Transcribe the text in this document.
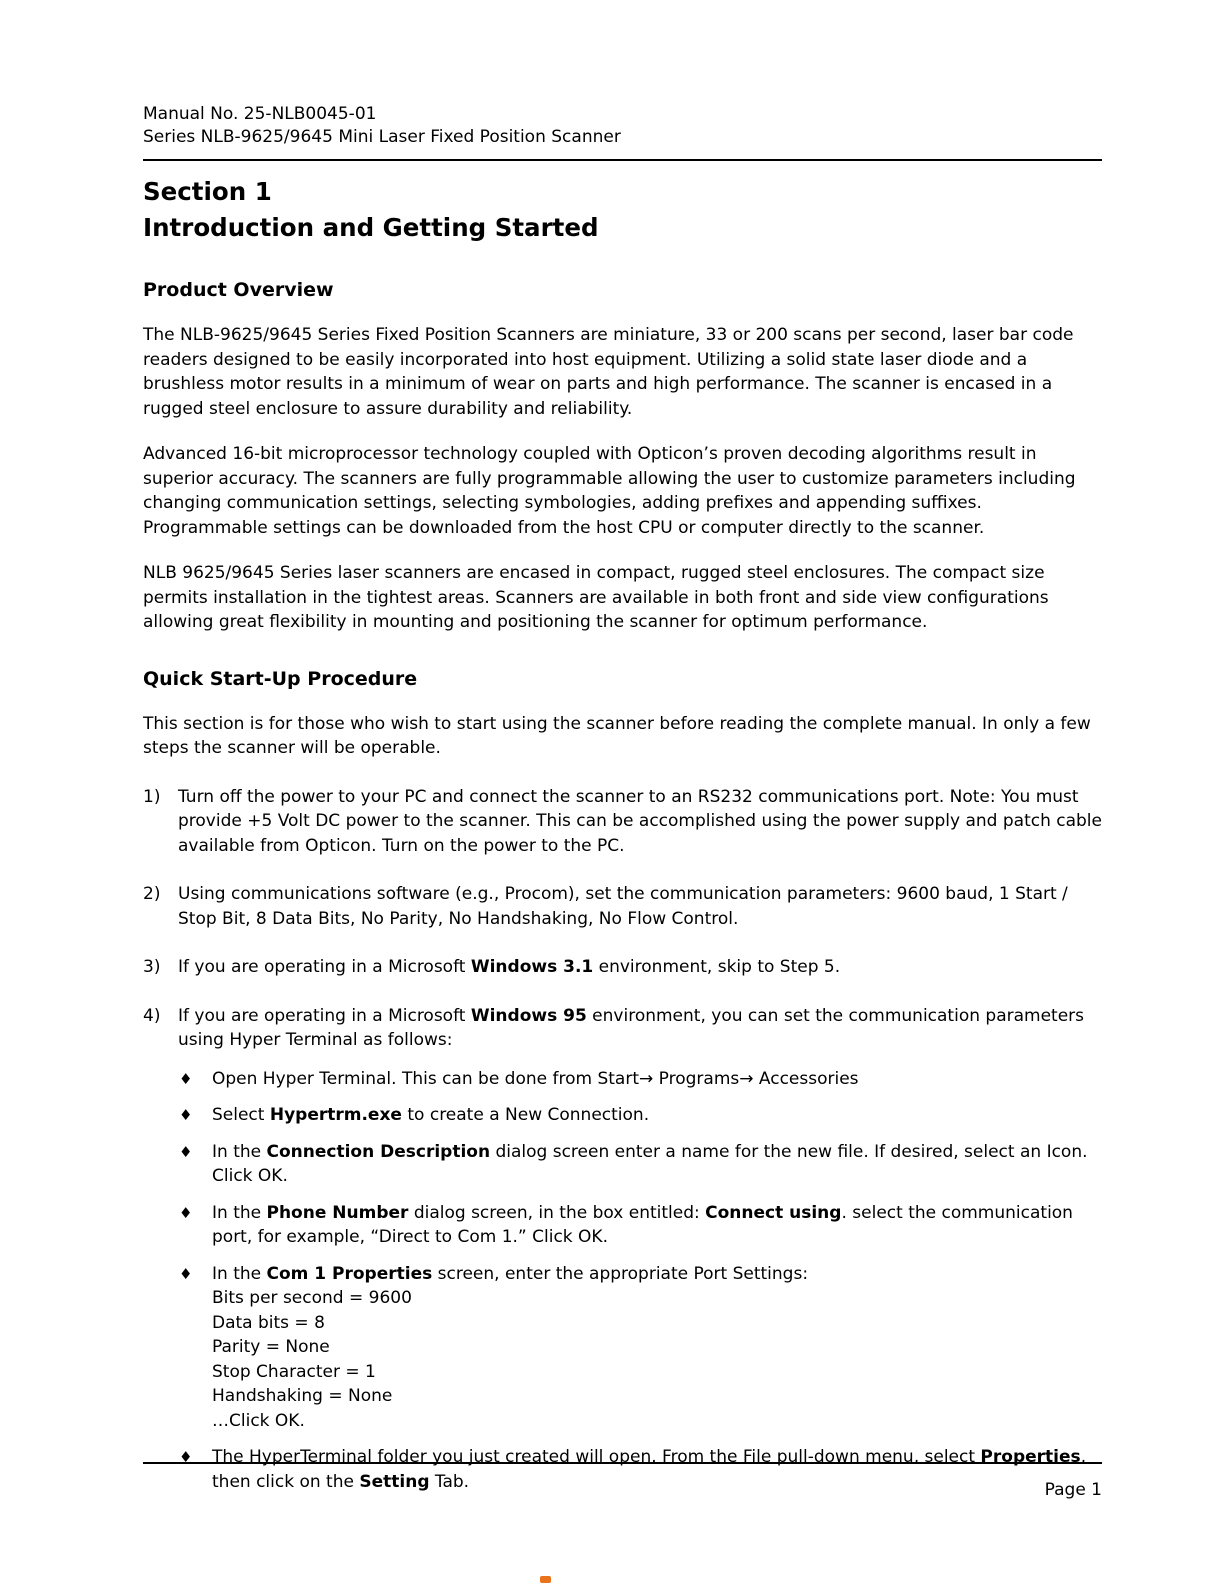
Manual No. 25-NLB0045-01
Series NLB-9625/9645 Mini Laser Fixed Position Scanner
Section 1
Introduction and Getting Started
Product Overview

The NLB-9625/9645 Series Fixed Position Scanners are miniature, 33 or 200 scans per second, laser bar code readers designed to be easily incorporated into host equipment. Utilizing a solid state laser diode and a brushless motor results in a minimum of wear on parts and high performance. The scanner is encased in a rugged steel enclosure to assure durability and reliability.

Advanced 16-bit microprocessor technology coupled with Opticon’s proven decoding algorithms result in superior accuracy. The scanners are fully programmable allowing the user to customize parameters including changing communication settings, selecting symbologies, adding prefixes and appending suffixes. Programmable settings can be downloaded from the host CPU or computer directly to the scanner.

NLB 9625/9645 Series laser scanners are encased in compact, rugged steel enclosures. The compact size permits installation in the tightest areas. Scanners are available in both front and side view configurations allowing great flexibility in mounting and positioning the scanner for optimum performance.

Quick Start-Up Procedure

This section is for those who wish to start using the scanner before reading the complete manual. In only a few steps the scanner will be operable.

1)	Turn off the power to your PC and connect the scanner to an RS232 communications port. Note: You must provide +5 Volt DC power to the scanner. This can be accomplished using the power supply and patch cable available from Opticon. Turn on the power to the PC.
2)	Using communications software (e.g., Procom), set the communication parameters: 9600 baud, 1 Start / Stop Bit, 8 Data Bits, No Parity, No Handshaking, No Flow Control.
3)	If you are operating in a Microsoft Windows 3.1 environment, skip to Step 5.
4)	If you are operating in a Microsoft Windows 95 environment, you can set the communication parameters using Hyper Terminal as follows:
♦	Open Hyper Terminal. This can be done from Start→ Programs→ Accessories
♦	Select Hypertrm.exe to create a New Connection.
♦	In the Connection Description dialog screen enter a name for the new file. If desired, select an Icon. Click OK.
♦	In the Phone Number dialog screen, in the box entitled: Connect using. select the communication port, for example, “Direct to Com 1.” Click OK.
♦	In the Com 1 Properties screen, enter the appropriate Port Settings:
Bits per second = 9600
Data bits = 8
Parity = None
Stop Character = 1
Handshaking = None
…Click OK.
♦	The HyperTerminal folder you just created will open. From the File pull-down menu, select Properties, then click on the Setting Tab.	Page 1
